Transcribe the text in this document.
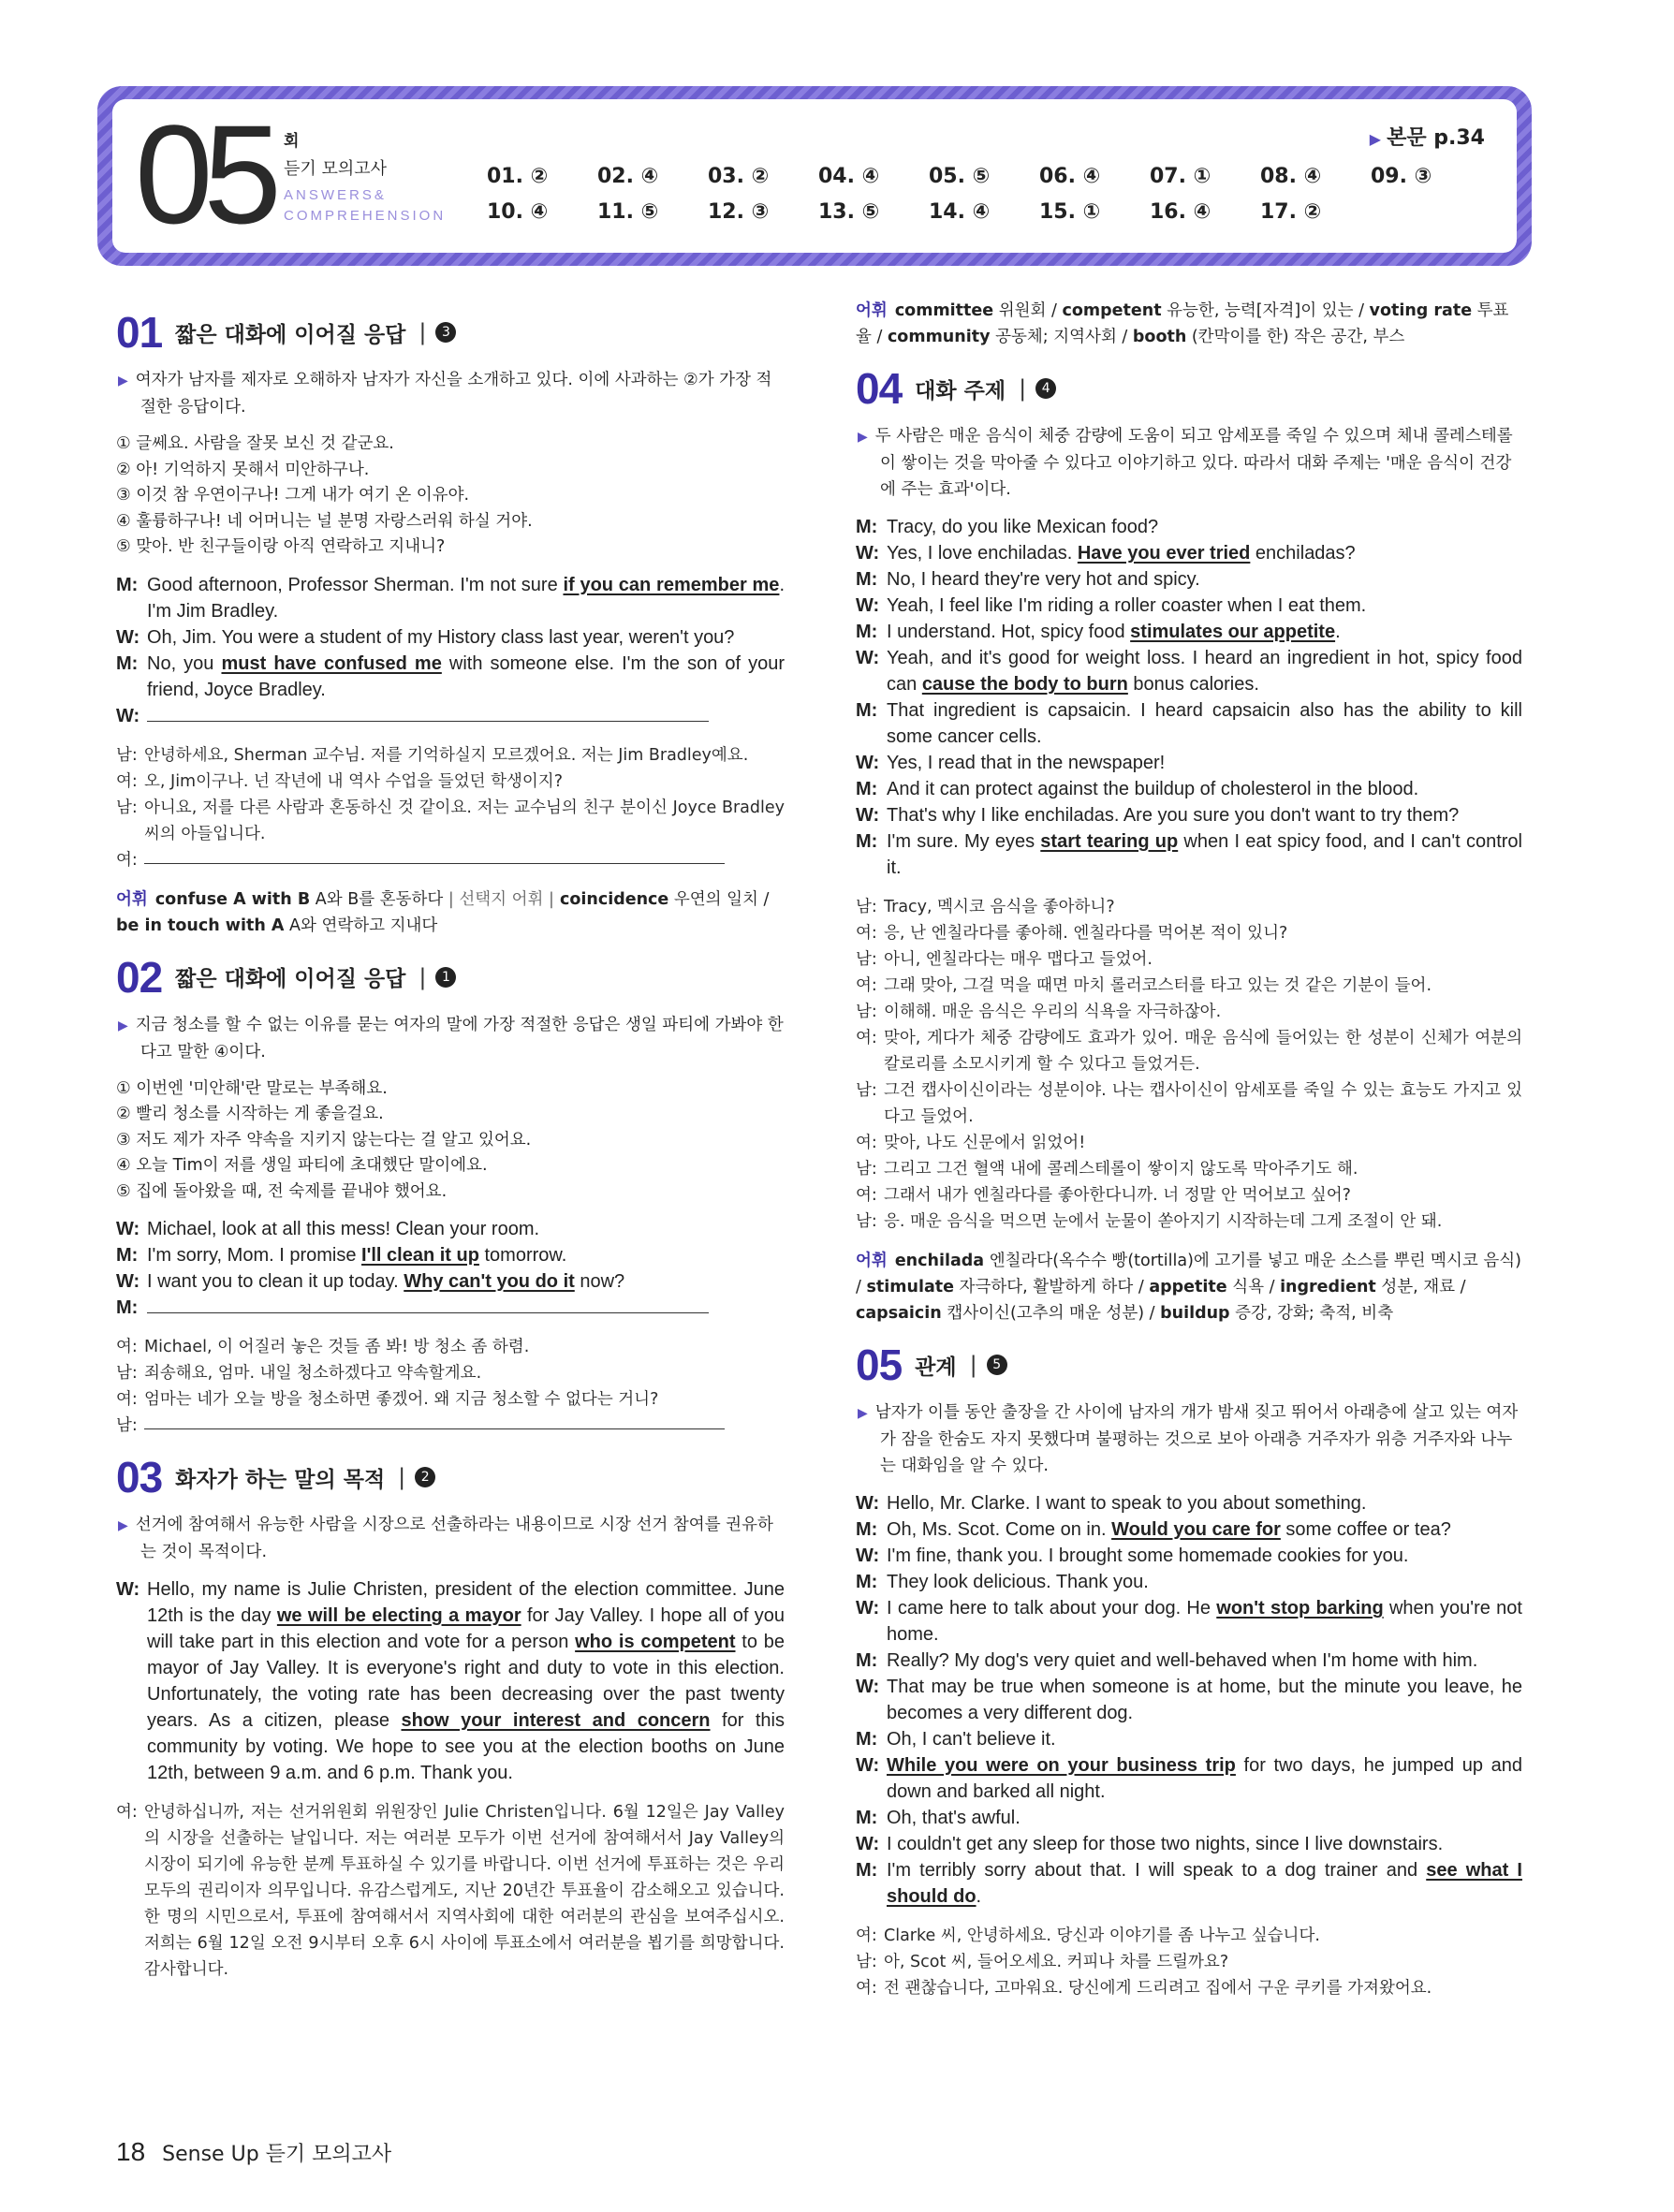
05 회
듣기 모의고사
ANSWERS&
COMPREHENSION
▶ 본문 p.34
01. ② 02. ④ 03. ② 04. ④ 05. ⑤ 06. ④ 07. ① 08. ④ 09. ③
10. ④ 11. ⑤ 12. ③ 13. ⑤ 14. ④ 15. ① 16. ④ 17. ②
01 짧은 대화에 이어질 응답 |	3
▶ 여자가 남자를 제자로 오해하자 남자가 자신을 소개하고 있다. 이에 사과하는 ②가 가장 적절한 응답이다.
① 글쎄요. 사람을 잘못 보신 것 같군요.
② 아! 기억하지 못해서 미안하구나.
③ 이것 참 우연이구나! 그게 내가 여기 온 이유야.
④ 훌륭하구나! 네 어머니는 널 분명 자랑스러워 하실 거야.
⑤ 맞아. 반 친구들이랑 아직 연락하고 지내니?
M: Good afternoon, Professor Sherman. I'm not sure if you can remember me. I'm Jim Bradley.
W: Oh, Jim. You were a student of my History class last year, weren't you?
M: No, you must have confused me with someone else. I'm the son of your friend, Joyce Bradley.
W:
남: 안녕하세요, Sherman 교수님. 저를 기억하실지 모르겠어요. 저는 Jim Bradley예요.
여: 오, Jim이구나. 넌 작년에 내 역사 수업을 들었던 학생이지?
남: 아니요, 저를 다른 사람과 혼동하신 것 같이요. 저는 교수님의 친구 분이신 Joyce Bradley 씨의 아들입니다.
여:
어휘 confuse A with B A와 B를 혼동하다 | 선택지 어휘 | coincidence 우연의 일치 / be in touch with A A와 연락하고 지내다
02 짧은 대화에 이어질 응답 |	1
▶ 지금 청소를 할 수 없는 이유를 묻는 여자의 말에 가장 적절한 응답은 생일 파티에 가봐야 한다고 말한 ④이다.
① 이번엔 '미안해'란 말로는 부족해요.
② 빨리 청소를 시작하는 게 좋을걸요.
③ 저도 제가 자주 약속을 지키지 않는다는 걸 알고 있어요.
④ 오늘 Tim이 저를 생일 파티에 초대했단 말이에요.
⑤ 집에 돌아왔을 때, 전 숙제를 끝내야 했어요.
W: Michael, look at all this mess! Clean your room.
M: I'm sorry, Mom. I promise I'll clean it up tomorrow.
W: I want you to clean it up today. Why can't you do it now?
M:
여: Michael, 이 어질러 놓은 것들 좀 봐! 방 청소 좀 하렴.
남: 죄송해요, 엄마. 내일 청소하겠다고 약속할게요.
여: 엄마는 네가 오늘 방을 청소하면 좋겠어. 왜 지금 청소할 수 없다는 거니?
남:
03 화자가 하는 말의 목적 |	2
▶ 선거에 참여해서 유능한 사람을 시장으로 선출하라는 내용이므로 시장 선거 참여를 권유하는 것이 목적이다.
W: Hello, my name is Julie Christen, president of the election committee. June 12th is the day we will be electing a mayor for Jay Valley. I hope all of you will take part in this election and vote for a person who is competent to be mayor of Jay Valley. It is everyone's right and duty to vote in this election. Unfortunately, the voting rate has been decreasing over the past twenty years. As a citizen, please show your interest and concern for this community by voting. We hope to see you at the election booths on June 12th, between 9 a.m. and 6 p.m. Thank you.
여: 안녕하십니까, 저는 선거위원회 위원장인 Julie Christen입니다. 6월 12일은 Jay Valley의 시장을 선출하는 날입니다. 저는 여러분 모두가 이번 선거에 참여해서서 Jay Valley의 시장이 되기에 유능한 분께 투표하실 수 있기를 바랍니다. 이번 선거에 투표하는 것은 우리 모두의 권리이자 의무입니다. 유감스럽게도, 지난 20년간 투표율이 감소해오고 있습니다. 한 명의 시민으로서, 투표에 참여해서서 지역사회에 대한 여러분의 관심을 보여주십시오. 저희는 6월 12일 오전 9시부터 오후 6시 사이에 투표소에서 여러분을 뵙기를 희망합니다. 감사합니다.
어휘 committee 위원회 / competent 유능한, 능력[자격]이 있는 / voting rate 투표율 / community 공동체; 지역사회 / booth (칸막이를 한) 작은 공간, 부스
04 대화 주제 |	4
▶ 두 사람은 매운 음식이 체중 감량에 도움이 되고 암세포를 죽일 수 있으며 체내 콜레스테롤이 쌓이는 것을 막아줄 수 있다고 이야기하고 있다. 따라서 대화 주제는 '매운 음식이 건강에 주는 효과'이다.
M: Tracy, do you like Mexican food?
W: Yes, I love enchiladas. Have you ever tried enchiladas?
M: No, I heard they're very hot and spicy.
W: Yeah, I feel like I'm riding a roller coaster when I eat them.
M: I understand. Hot, spicy food stimulates our appetite.
W: Yeah, and it's good for weight loss. I heard an ingredient in hot, spicy food can cause the body to burn bonus calories.
M: That ingredient is capsaicin. I heard capsaicin also has the ability to kill some cancer cells.
W: Yes, I read that in the newspaper!
M: And it can protect against the buildup of cholesterol in the blood.
W: That's why I like enchiladas. Are you sure you don't want to try them?
M: I'm sure. My eyes start tearing up when I eat spicy food, and I can't control it.
남: Tracy, 멕시코 음식을 좋아하니?
여: 응, 난 엔칠라다를 좋아해. 엔칠라다를 먹어본 적이 있니?
남: 아니, 엔칠라다는 매우 맵다고 들었어.
여: 그래 맞아, 그걸 먹을 때면 마치 롤러코스터를 타고 있는 것 같은 기분이 들어.
남: 이해해. 매운 음식은 우리의 식욕을 자극하잖아.
여: 맞아, 게다가 체중 감량에도 효과가 있어. 매운 음식에 들어있는 한 성분이 신체가 여분의 칼로리를 소모시키게 할 수 있다고 들었거든.
남: 그건 캡사이신이라는 성분이야. 나는 캡사이신이 암세포를 죽일 수 있는 효능도 가지고 있다고 들었어.
여: 맞아, 나도 신문에서 읽었어!
남: 그리고 그건 혈액 내에 콜레스테롤이 쌓이지 않도록 막아주기도 해.
여: 그래서 내가 엔칠라다를 좋아한다니까. 너 정말 안 먹어보고 싶어?
남: 응. 매운 음식을 먹으면 눈에서 눈물이 쏟아지기 시작하는데 그게 조절이 안 돼.
어휘 enchilada 엔칠라다(옥수수 빵(tortilla)에 고기를 넣고 매운 소스를 뿌린 멕시코 음식) / stimulate 자극하다, 활발하게 하다 / appetite 식욕 / ingredient 성분, 재료 / capsaicin 캡사이신(고추의 매운 성분) / buildup 증강, 강화; 축적, 비축
05 관계 |	5
▶ 남자가 이틀 동안 출장을 간 사이에 남자의 개가 밤새 짖고 뛰어서 아래층에 살고 있는 여자가 잠을 한숨도 자지 못했다며 불평하는 것으로 보아 아래층 거주자가 위층 거주자와 나누는 대화임을 알 수 있다.
W: Hello, Mr. Clarke. I want to speak to you about something.
M: Oh, Ms. Scot. Come on in. Would you care for some coffee or tea?
W: I'm fine, thank you. I brought some homemade cookies for you.
M: They look delicious. Thank you.
W: I came here to talk about your dog. He won't stop barking when you're not home.
M: Really? My dog's very quiet and well-behaved when I'm home with him.
W: That may be true when someone is at home, but the minute you leave, he becomes a very different dog.
M: Oh, I can't believe it.
W: While you were on your business trip for two days, he jumped up and down and barked all night.
M: Oh, that's awful.
W: I couldn't get any sleep for those two nights, since I live downstairs.
M: I'm terribly sorry about that. I will speak to a dog trainer and see what I should do.
여: Clarke 씨, 안녕하세요. 당신과 이야기를 좀 나누고 싶습니다.
남: 아, Scot 씨, 들어오세요. 커피나 차를 드릴까요?
여: 전 괜찮습니다, 고마워요. 당신에게 드리려고 집에서 구운 쿠키를 가져왔어요.
18 Sense Up 듣기 모의고사
